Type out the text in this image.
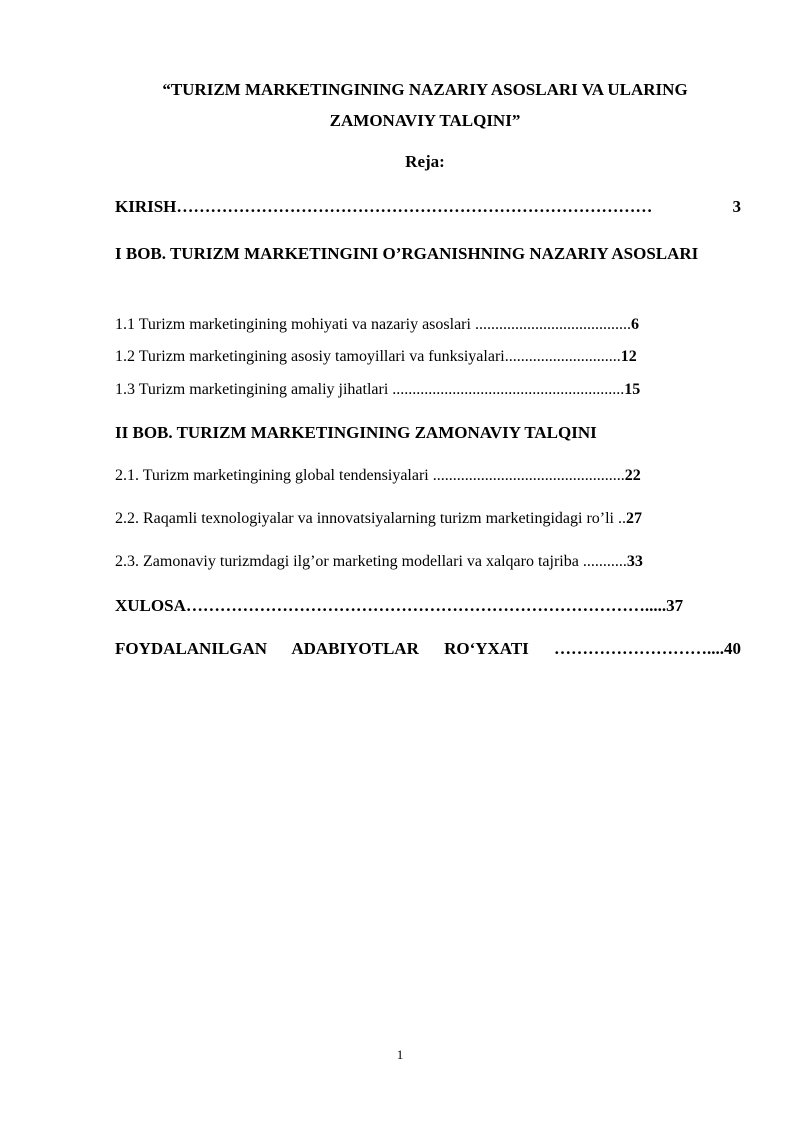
“TURIZM MARKETINGINING NAZARIY ASOSLARI VA ULARING ZAMONAVIY TALQINI”
Reja:
KIRISH………………………………………………………………………… 3
I BOB. TURIZM MARKETINGINI O’RGANISHNING NAZARIY ASOSLARI
1.1 Turizm marketingining mohiyati va nazariy asoslari .......................................6
1.2 Turizm marketingining asosiy tamoyillari va funksiyalari.............................12
1.3 Turizm marketingining amaliy jihatlari ..........................................................15
II BOB. TURIZM MARKETINGINING ZAMONAVIY TALQINI
2.1. Turizm marketingining global tendensiyalari ................................................22
2.2. Raqamli texnologiyalar va innovatsiyalarning turizm marketingidagi ro’li ..27
2.3. Zamonaviy turizmdagi ilg’or marketing modellari va xalqaro tajriba ...........33
XULOSA……………………………………………………………………….....37
FOYDALANILGAN ADABIYOTLAR RO‘YXATI ………………………....40
1
